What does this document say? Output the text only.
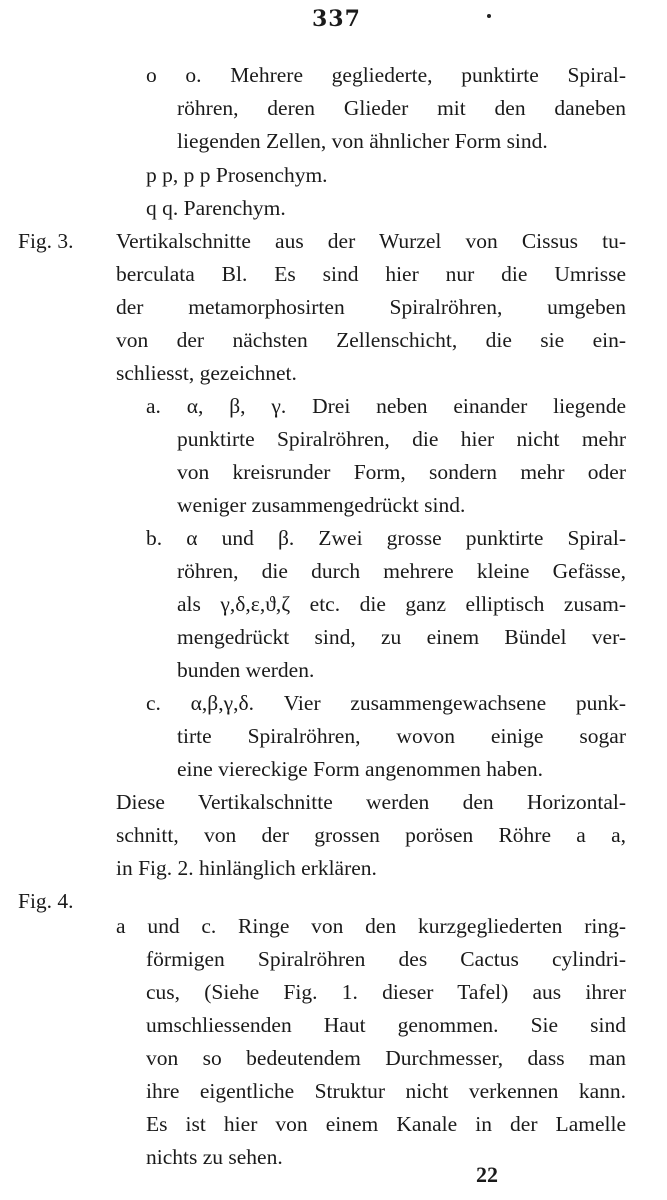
337
o o. Mehrere gegliederte, punktirte Spiral-
röhren, deren Glieder mit den daneben
liegenden Zellen, von ähnlicher Form sind.
p p, p p Prosenchym.
q q. Parenchym.
Fig. 3. Vertikalschnitte aus der Wurzel von Cissus tu-
berculata Bl. Es sind hier nur die Umrisse
der metamorphosirten Spiralröhren, umgeben
von der nächsten Zellenschicht, die sie ein-
schliesst, gezeichnet.
a. α, β, γ. Drei neben einander liegende
punktirte Spiralröhren, die hier nicht mehr
von kreisrunder Form, sondern mehr oder
weniger zusammengedrückt sind.
b. α und β. Zwei grosse punktirte Spiral-
röhren, die durch mehrere kleine Gefässe,
als γ,δ,ε,ϑ,ζ etc. die ganz elliptisch zusam-
mengedrückt sind, zu einem Bündel ver-
bunden werden.
c. α,β,γ,δ. Vier zusammengewachsene punk-
tirte Spiralröhren, wovon einige sogar
eine viereckige Form angenommen haben.
Diese Vertikalschnitte werden den Horizontal-
schnitt, von der grossen porösen Röhre a a,
in Fig. 2. hinlänglich erklären.
Fig. 4.
a und c. Ringe von den kurzgegliederten ring-
förmigen Spiralröhren des Cactus cylindri-
cus, (Siehe Fig. 1. dieser Tafel) aus ihrer
umschliessenden Haut genommen. Sie sind
von so bedeutendem Durchmesser, dass man
ihre eigentliche Struktur nicht verkennen kann.
Es ist hier von einem Kanale in der Lamelle
nichts zu sehen.
22
